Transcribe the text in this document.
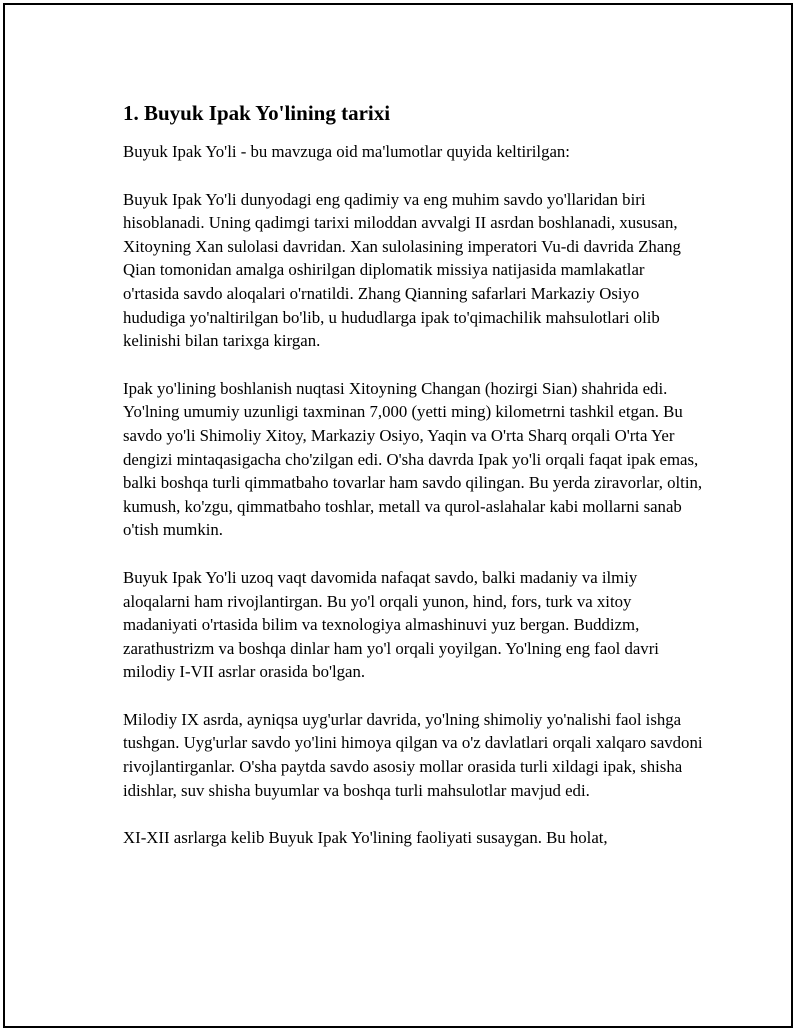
1. Buyuk Ipak Yo'lining tarixi

Buyuk Ipak Yo'li - bu mavzuga oid ma'lumotlar quyida keltirilgan:

Buyuk Ipak Yo'li dunyodagi eng qadimiy va eng muhim savdo yo'llaridan biri hisoblanadi. Uning qadimgi tarixi miloddan avvalgi II asrdan boshlanadi, xususan, Xitoyning Xan sulolasi davridan. Xan sulolasining imperatori Vu-di davrida Zhang Qian tomonidan amalga oshirilgan diplomatik missiya natijasida mamlakatlar o'rtasida savdo aloqalari o'rnatildi. Zhang Qianning safarlari Markaziy Osiyo hududiga yo'naltirilgan bo'lib, u hududlarga ipak to'qimachilik mahsulotlari olib kelinishi bilan tarixga kirgan.

Ipak yo'lining boshlanish nuqtasi Xitoyning Changan (hozirgi Sian) shahrida edi. Yo'lning umumiy uzunligi taxminan 7,000 (yetti ming) kilometrni tashkil etgan. Bu savdo yo'li Shimoliy Xitoy, Markaziy Osiyo, Yaqin va O'rta Sharq orqali O'rta Yer dengizi mintaqasigacha cho'zilgan edi. O'sha davrda Ipak yo'li orqali faqat ipak emas, balki boshqa turli qimmatbaho tovarlar ham savdo qilingan. Bu yerda ziravorlar, oltin, kumush, ko'zgu, qimmatbaho toshlar, metall va qurol-aslahalar kabi mollarni sanab o'tish mumkin.

Buyuk Ipak Yo'li uzoq vaqt davomida nafaqat savdo, balki madaniy va ilmiy aloqalarni ham rivojlantirgan. Bu yo'l orqali yunon, hind, fors, turk va xitoy madaniyati o'rtasida bilim va texnologiya almashinuvi yuz bergan. Buddizm, zarathustrizm va boshqa dinlar ham yo'l orqali yoyilgan. Yo'lning eng faol davri milodiy I-VII asrlar orasida bo'lgan.

Milodiy IX asrda, ayniqsa uyg'urlar davrida, yo'lning shimoliy yo'nalishi faol ishga tushgan. Uyg'urlar savdo yo'lini himoya qilgan va o'z davlatlari orqali xalqaro savdoni rivojlantirganlar. O'sha paytda savdo asosiy mollar orasida turli xildagi ipak, shisha idishlar, suv shisha buyumlar va boshqa turli mahsulotlar mavjud edi.

XI-XII asrlarga kelib Buyuk Ipak Yo'lining faoliyati susaygan. Bu holat,
